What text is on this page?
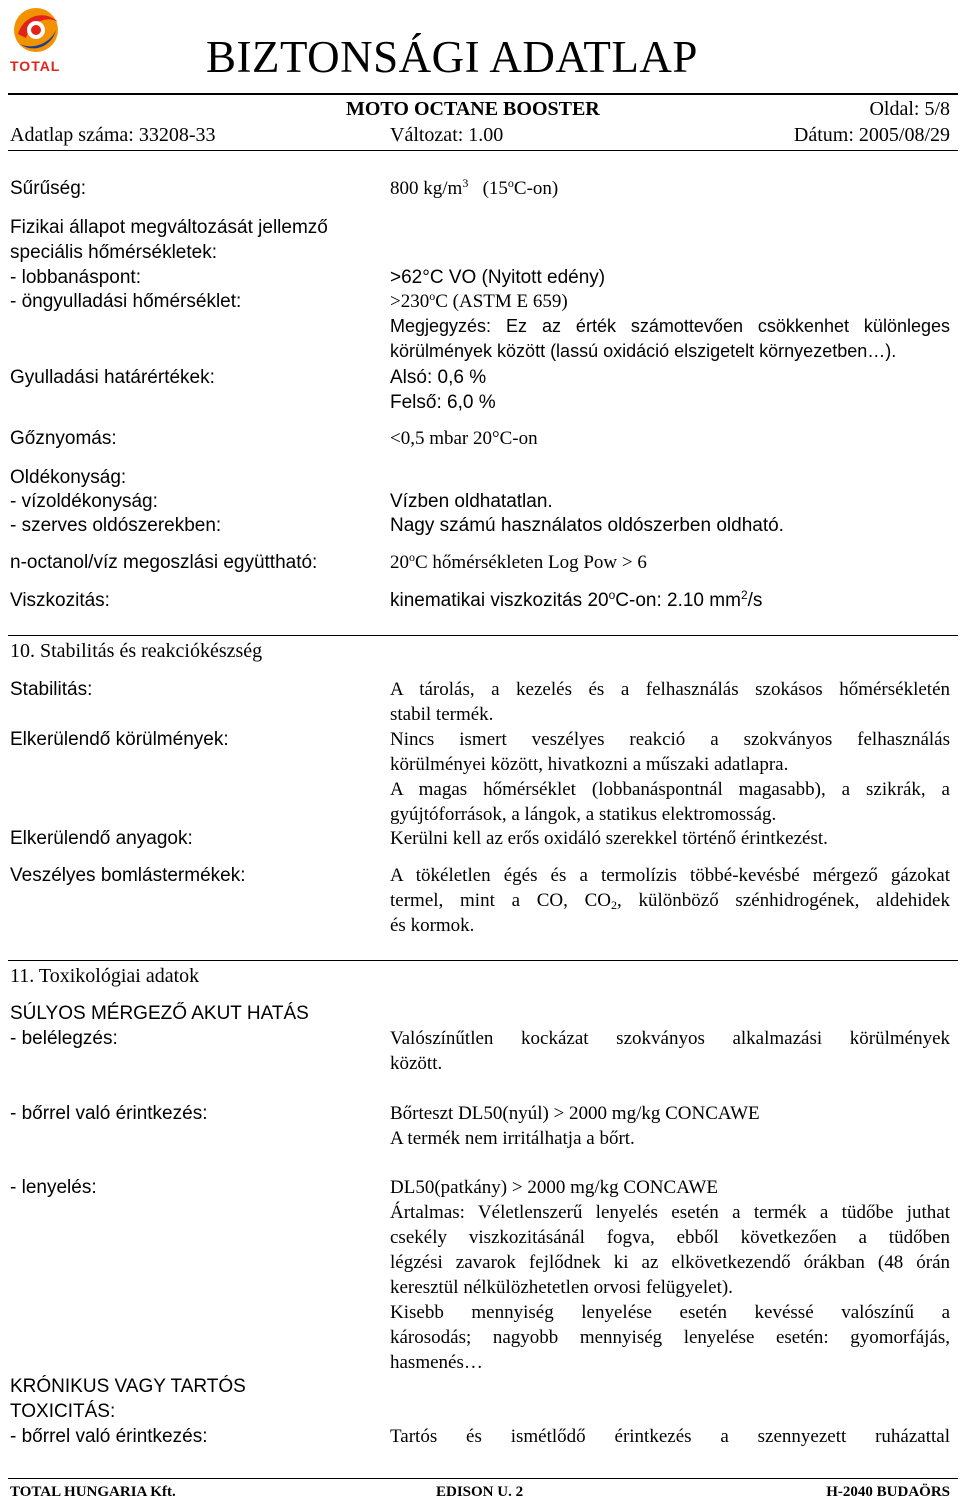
TOTAL	BIZTONSÁGI ADATLAP
MOTO OCTANE BOOSTER	Oldal: 5/8
Adatlap száma: 33208-33	Változat: 1.00	Dátum: 2005/08/29
Sűrűség:	800 $kg/m^3$ (15$^o$C-on)
Fizikai állapot megváltozását jellemző
speciális hőmérsékletek:
- lobbanáspont:	>62°C VO (Nyitott edény)
- öngyulladási hőmérséklet:	$>230^oC$ (ASTM E 659)
Megjegyzés: Ez az érték számottevően csökkenhet különleges
körülmények között (lassú oxidáció elszigetelt környezetben…).
Gyulladási határértékek:	Alsó: 0,6 %
Felső: 6,0 %
Gőznyomás:	<0,5 mbar 20°C-on
Oldékonyság:
- vízoldékonyság:	Vízben oldhatatlan.
- szerves oldószerekben:	Nagy számú használatos oldószerben oldható.
n-octanol/víz megoszlási együttható:	20$^o$C hőmérsékleten Log Pow > 6
Viszkozitás:	kinematikai viszkozitás 20$^o$C-on: 2.10 $mm^2/s$
10. Stabilitás és reakciókészség
Stabilitás:	A tárolás, a kezelés és a felhasználás szokásos hőmérsékletén
stabil termék.
Elkerülendő körülmények:	Nincs ismert veszélyes reakció a szokványos felhasználás
körülményei között, hivatkozni a műszaki adatlapra.
A magas hőmérséklet (lobbanáspontnál magasabb), a szikrák, a
gyújtóforrások, a lángok, a statikus elektromosság.
Elkerülendő anyagok:	Kerülni kell az erős oxidáló szerekkel történő érintkezést.
Veszélyes bomlástermékek:	A tökéletlen égés és a termolízis többé-kevésbé mérgező gázokat
termel, mint a CO, $CO_2$, különböző szénhidrogének, aldehidek
és kormok.
11. Toxikológiai adatok
SÚLYOS MÉRGEZŐ AKUT HATÁS
- belélegzés:	Valószínűtlen kockázat szokványos alkalmazási körülmények
között.
- bőrrel való érintkezés:	Bőrteszt DL50(nyúl) > 2000 mg/kg CONCAWE
A termék nem irritálhatja a bőrt.
- lenyelés:	DL50(patkány) > 2000 mg/kg CONCAWE
Ártalmas: Véletlenszerű lenyelés esetén a termék a tüdőbe juthat
csekély viszkozitásánál fogva, ebből következően a tüdőben
légzési zavarok fejlődnek ki az elkövetkezendő órákban (48 órán
keresztül nélkülözhetetlen orvosi felügyelet).
Kisebb mennyiség lenyelése esetén kevéssé valószínű a
károsodás; nagyobb mennyiség lenyelése esetén: gyomorfájás,
hasmenés…
KRÓNIKUS VAGY TARTÓS
TOXICITÁS:
- bőrrel való érintkezés:	Tartós és ismétlődő érintkezés a szennyezett ruházattal
TOTAL HUNGARIA Kft.	EDISON U. 2	H-2040 BUDAÖRS
